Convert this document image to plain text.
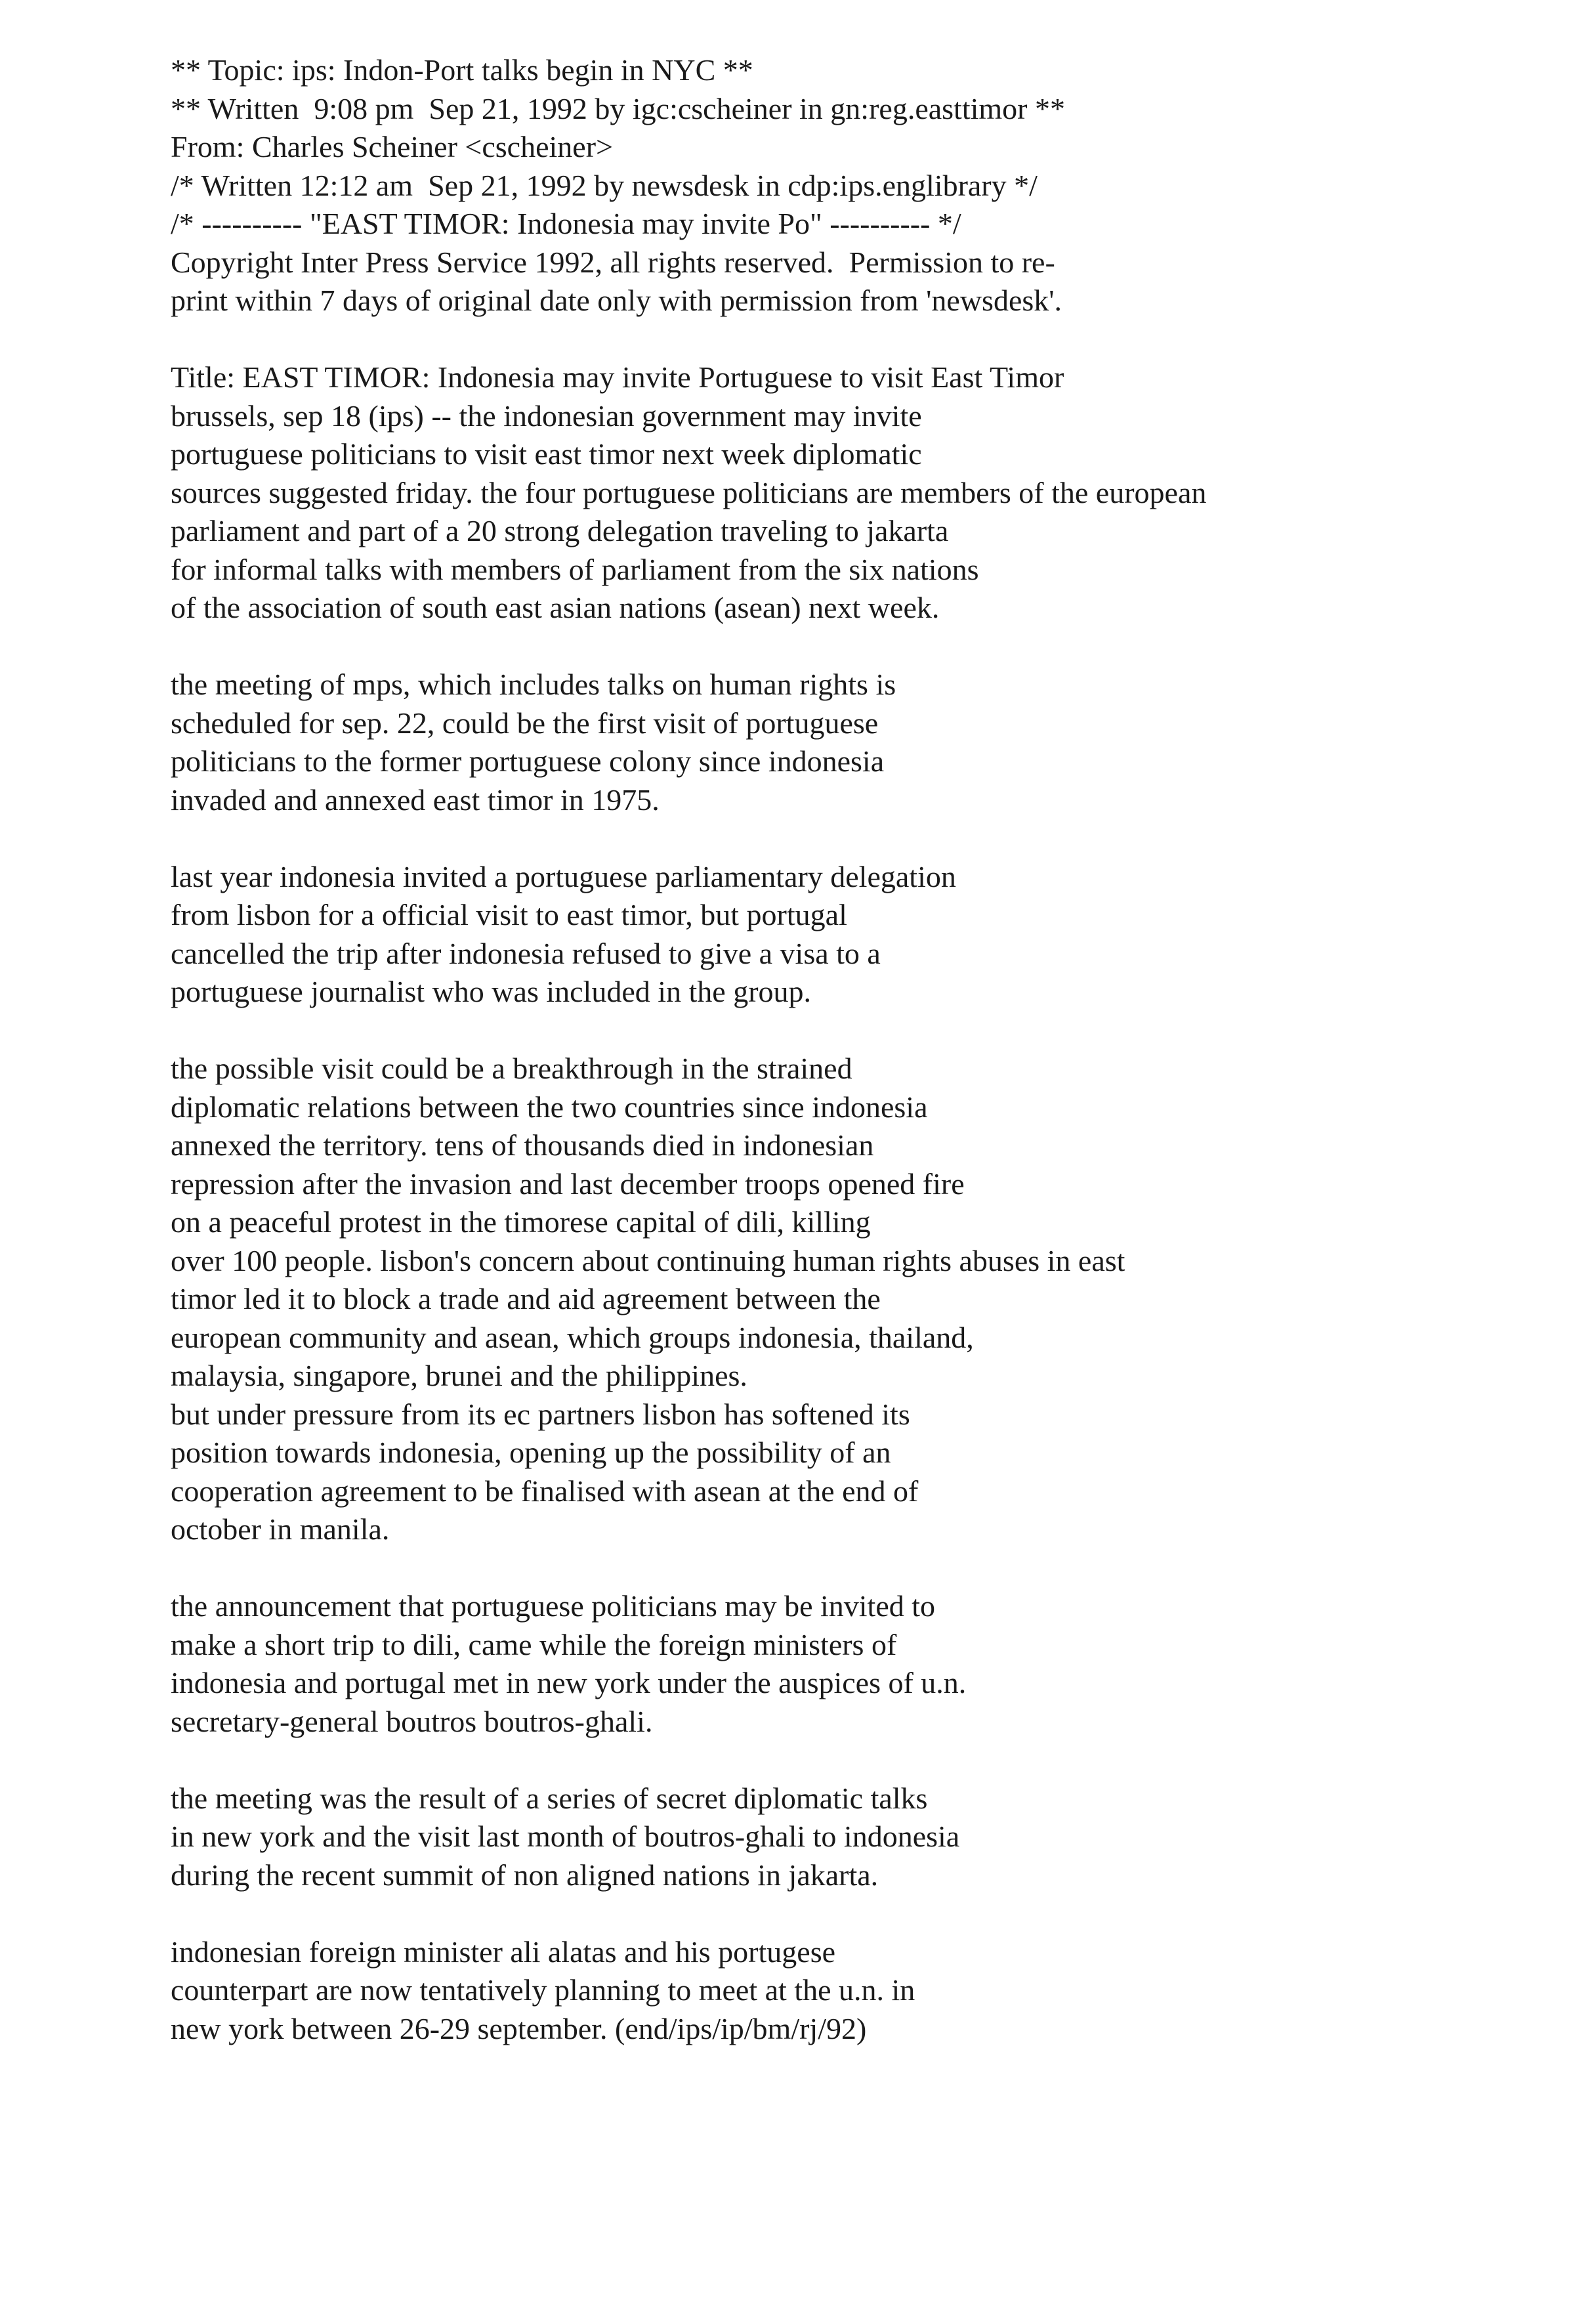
** Topic: ips: Indon-Port talks begin in NYC **
** Written  9:08 pm  Sep 21, 1992 by igc:cscheiner in gn:reg.easttimor **
From: Charles Scheiner <cscheiner>
/* Written 12:12 am  Sep 21, 1992 by newsdesk in cdp:ips.englibrary */
/* ---------- "EAST TIMOR: Indonesia may invite Po" ---------- */
Copyright Inter Press Service 1992, all rights reserved.  Permission to re-
print within 7 days of original date only with permission from 'newsdesk'.
Title: EAST TIMOR: Indonesia may invite Portuguese to visit East Timor
brussels, sep 18 (ips) -- the indonesian government may invite
portuguese politicians to visit east timor next week diplomatic
sources suggested friday. the four portuguese politicians are members of the european
parliament and part of a 20 strong delegation traveling to jakarta
for informal talks with members of parliament from the six nations
of the association of south east asian nations (asean) next week.
the meeting of mps, which includes talks on human rights is
scheduled for sep. 22, could be the first visit of portuguese
politicians to the former portuguese colony since indonesia
invaded and annexed east timor in 1975.
last year indonesia invited a portuguese parliamentary delegation
from lisbon for a official visit to east timor, but portugal
cancelled the trip after indonesia refused to give a visa to a
portuguese journalist who was included in the group.
the possible visit could be a breakthrough in the strained
diplomatic relations between the two countries since indonesia
annexed the territory. tens of thousands died in indonesian
repression after the invasion and last december troops opened fire
on a peaceful protest in the timorese capital of dili, killing
over 100 people. lisbon's concern about continuing human rights abuses in east
timor led it to block a trade and aid agreement between the
european community and asean, which groups indonesia, thailand,
malaysia, singapore, brunei and the philippines.
but under pressure from its ec partners lisbon has softened its
position towards indonesia, opening up the possibility of an
cooperation agreement to be finalised with asean at the end of
october in manila.
the announcement that portuguese politicians may be invited to
make a short trip to dili, came while the foreign ministers of
indonesia and portugal met in new york under the auspices of u.n.
secretary-general boutros boutros-ghali.
the meeting was the result of a series of secret diplomatic talks
in new york and the visit last month of boutros-ghali to indonesia
during the recent summit of non aligned nations in jakarta.
indonesian foreign minister ali alatas and his portugese
counterpart are now tentatively planning to meet at the u.n. in
new york between 26-29 september. (end/ips/ip/bm/rj/92)
